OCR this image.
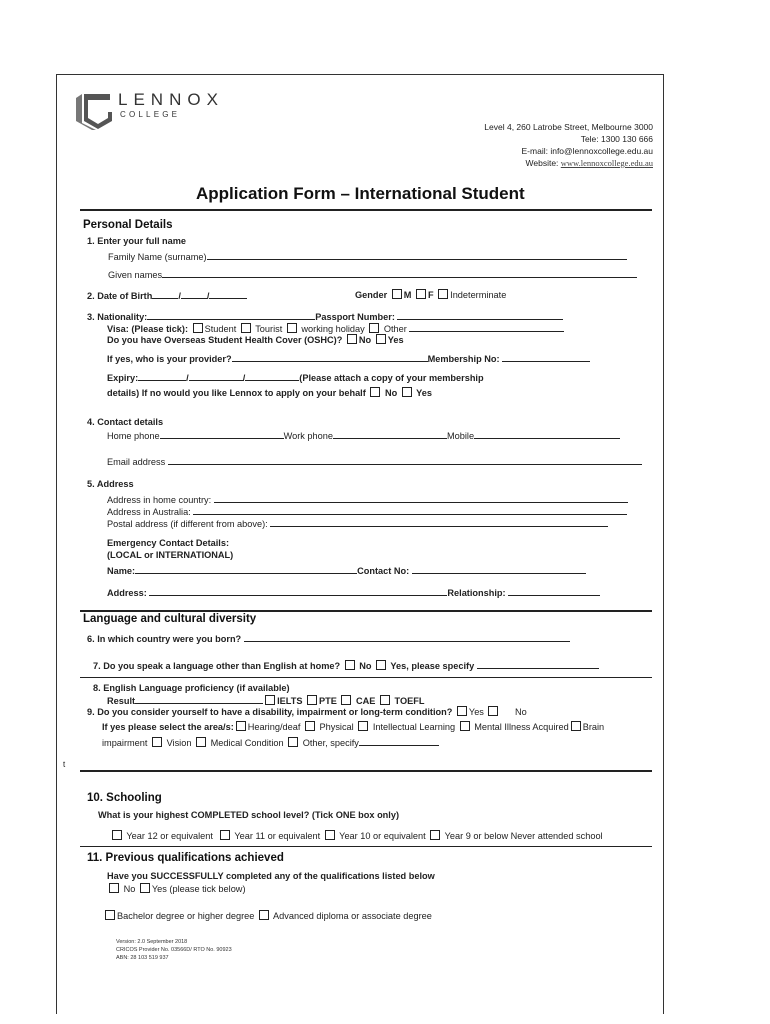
LENNOX
COLLEGE
Level 4, 260 Latrobe Street, Melbourne 3000
Tele: 1300 130 666
E-mail: info@lennoxcollege.edu.au
Website: www.lennoxcollege.edu.au
Application Form – International Student
Personal Details
1. Enter your full name
Family Name (surname)
Given names
2. Date of Birth	/	/	Gender M F Indeterminate
3. Nationality:	Passport Number:
Visa: (Please tick): Student Tourist working holiday Other
Do you have Overseas Student Health Cover (OSHC)? No Yes
If yes, who is your provider?	Membership No:
Expiry:	/	/	(Please attach a copy of your membership
details) If no would you like Lennox to apply on your behalf No Yes
4. Contact details
Home phone	Work phone	Mobile
Email address
5. Address
Address in home country:
Address in Australia:
Postal address (if different from above):
Emergency Contact Details:
(LOCAL or INTERNATIONAL)
Name:	Contact No:
Address:	Relationship:
Language and cultural diversity
6. In which country were you born?
7. Do you speak a language other than English at home? No Yes, please specify
8. English Language proficiency (if available)
Result	IELTS PTE CAE TOEFL
9. Do you consider yourself to have a disability, impairment or long-term condition? Yes	No
If yes please select the area/s: Hearing/deaf Physical Intellectual Learning Mental Illness Acquired Brain
impairment Vision Medical Condition Other, specify
t
10. Schooling
What is your highest COMPLETED school level? (Tick ONE box only)
Year 12 or equivalent Year 11 or equivalent Year 10 or equivalent Year 9 or below Never attended school
11. Previous qualifications achieved
Have you SUCCESSFULLY completed any of the qualifications listed below
No Yes (please tick below)
Bachelor degree or higher degree Advanced diploma or associate degree
Version: 2.0 September 2018
CRICOS Provider No. 03566D/ RTO No. 90923
ABN: 28 103 519 937
